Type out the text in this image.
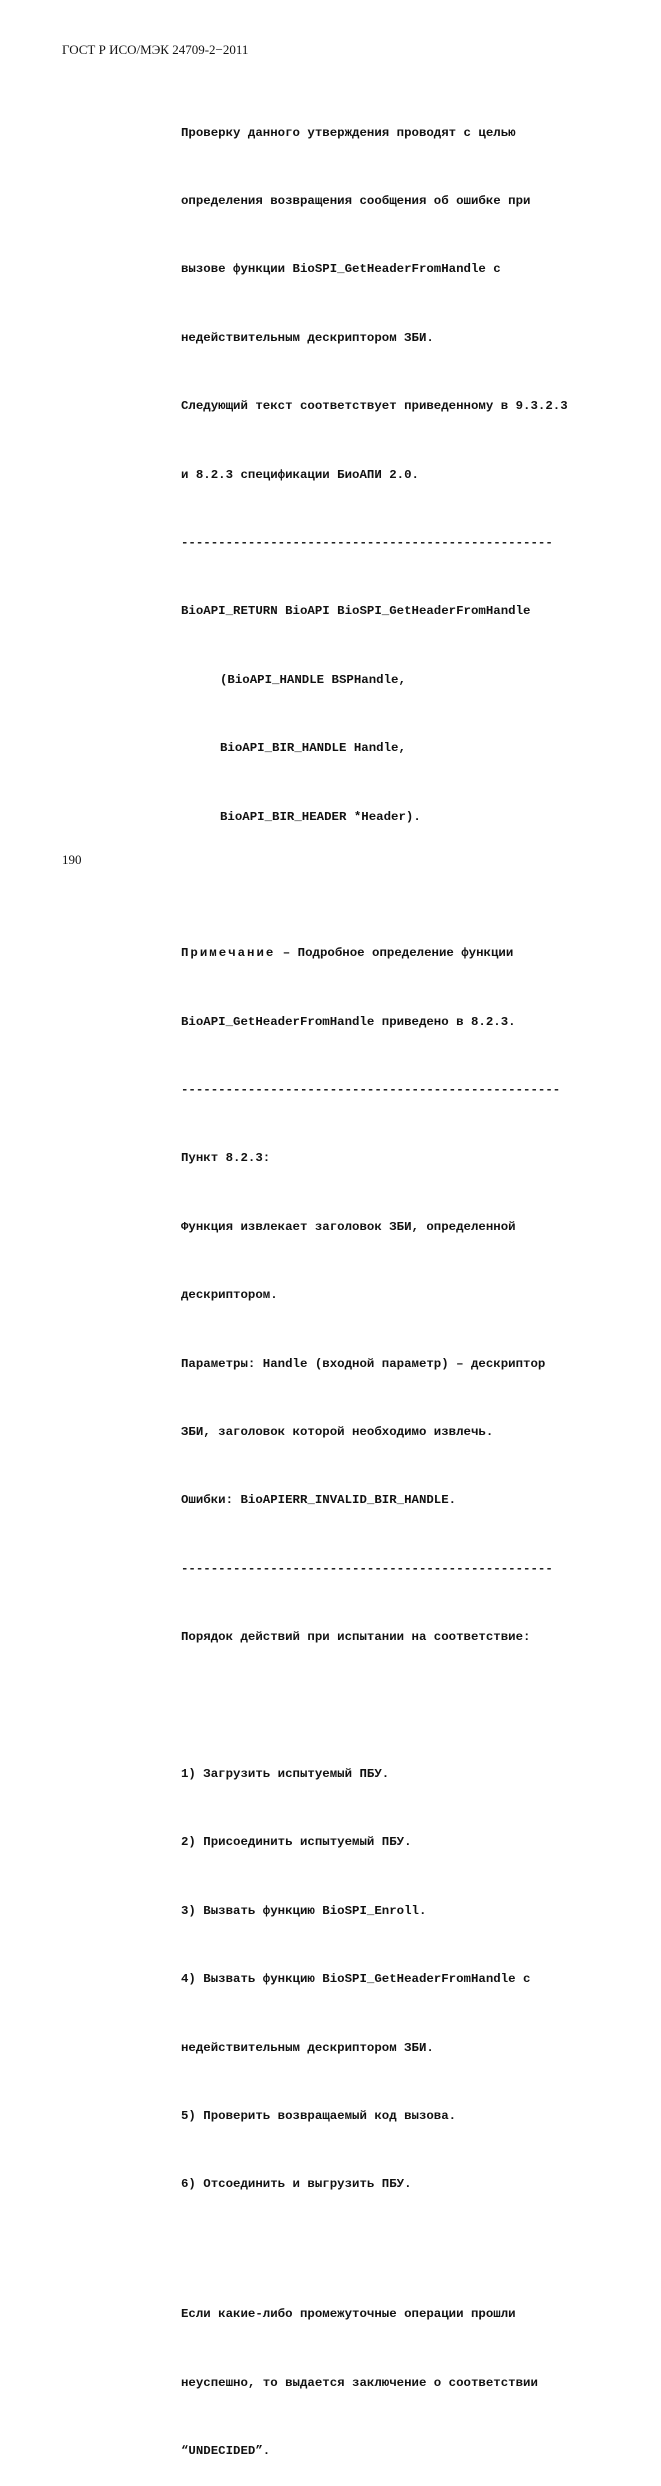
ГОСТ Р ИСО/МЭК 24709-2−2011

Проверку данного утверждения проводят с целью

определения возвращения сообщения об ошибке при

вызове функции BioSPI_GetHeaderFromHandle с

недействительным дескриптором ЗБИ.

Следующий текст соответствует приведенному в 9.3.2.3

и 8.2.3 спецификации БиоАПИ 2.0.

--------------------------------------------------

BioAPI_RETURN BioAPI BioSPI_GetHeaderFromHandle

(BioAPI_HANDLE BSPHandle,

BioAPI_BIR_HANDLE Handle,

BioAPI_BIR_HEADER *Header).

Примечание – Подробное определение функции

BioAPI_GetHeaderFromHandle приведено в 8.2.3.

---------------------------------------------------

Пункт 8.2.3:

Функция извлекает заголовок ЗБИ, определенной

дескриптором.

Параметры: Handle (входной параметр) – дескриптор

ЗБИ, заголовок которой необходимо извлечь.

Ошибки: BioAPIERR_INVALID_BIR_HANDLE.

--------------------------------------------------

Порядок действий при испытании на соответствие:

1) Загрузить испытуемый ПБУ.

2) Присоединить испытуемый ПБУ.

3) Вызвать функцию BioSPI_Enroll.

4) Вызвать функцию BioSPI_GetHeaderFromHandle с

недействительным дескриптором ЗБИ.

5) Проверить возвращаемый код вызова.

6) Отсоединить и выгрузить ПБУ.

Если какие-либо промежуточные операции прошли

неуспешно, то выдается заключение о соответствии

“UNDECIDED”.

190
